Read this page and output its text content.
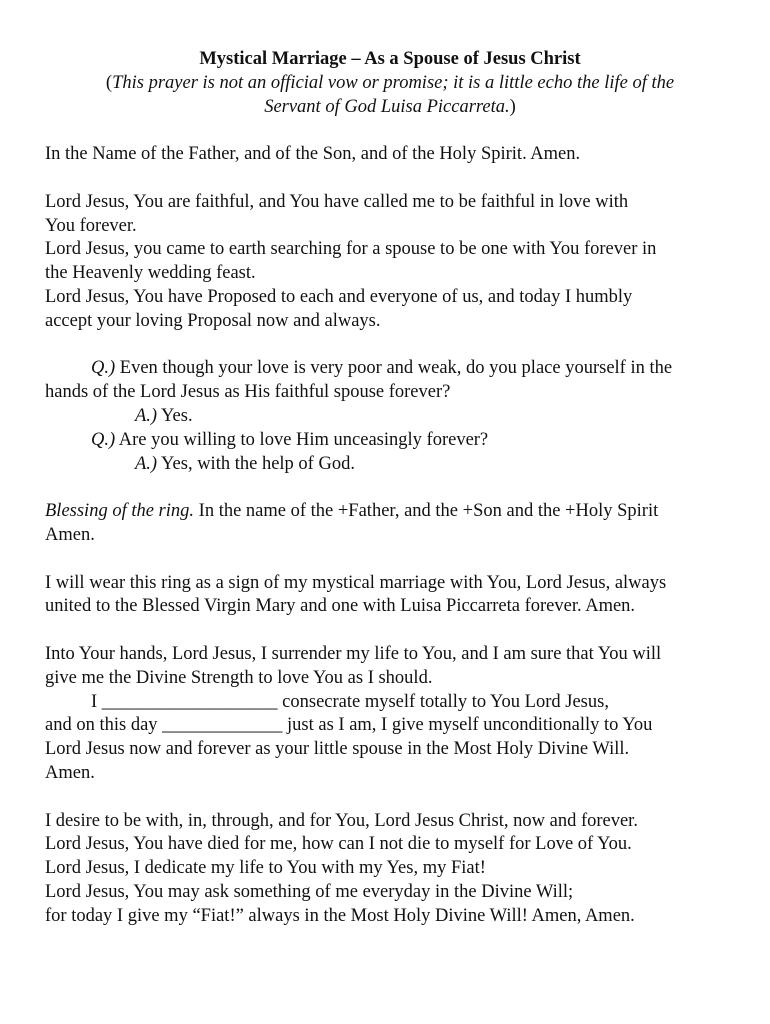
Mystical Marriage – As a Spouse of Jesus Christ
(This prayer is not an official vow or promise; it is a little echo the life of the
Servant of God Luisa Piccarreta.)
In the Name of the Father, and of the Son, and of the Holy Spirit. Amen.
Lord Jesus, You are faithful, and You have called me to be faithful in love with
You forever.
Lord Jesus, you came to earth searching for a spouse to be one with You forever in
the Heavenly wedding feast.
Lord Jesus, You have Proposed to each and everyone of us, and today I humbly
accept your loving Proposal now and always.
Q.) Even though your love is very poor and weak, do you place yourself in the
hands of the Lord Jesus as His faithful spouse forever?
A.) Yes.
Q.) Are you willing to love Him unceasingly forever?
A.) Yes, with the help of God.
Blessing of the ring. In the name of the +Father, and the +Son and the +Holy Spirit
Amen.
I will wear this ring as a sign of my mystical marriage with You, Lord Jesus, always
united to the Blessed Virgin Mary and one with Luisa Piccarreta forever. Amen.
Into Your hands, Lord Jesus, I surrender my life to You, and I am sure that You will
give me the Divine Strength to love You as I should.
I ___________________ consecrate myself totally to You Lord Jesus,
and on this day _____________ just as I am, I give myself unconditionally to You
Lord Jesus now and forever as your little spouse in the Most Holy Divine Will.
Amen.
I desire to be with, in, through, and for You, Lord Jesus Christ, now and forever.
Lord Jesus, You have died for me, how can I not die to myself for Love of You.
Lord Jesus, I dedicate my life to You with my Yes, my Fiat!
Lord Jesus, You may ask something of me everyday in the Divine Will;
for today I give my “Fiat!” always in the Most Holy Divine Will! Amen, Amen.
